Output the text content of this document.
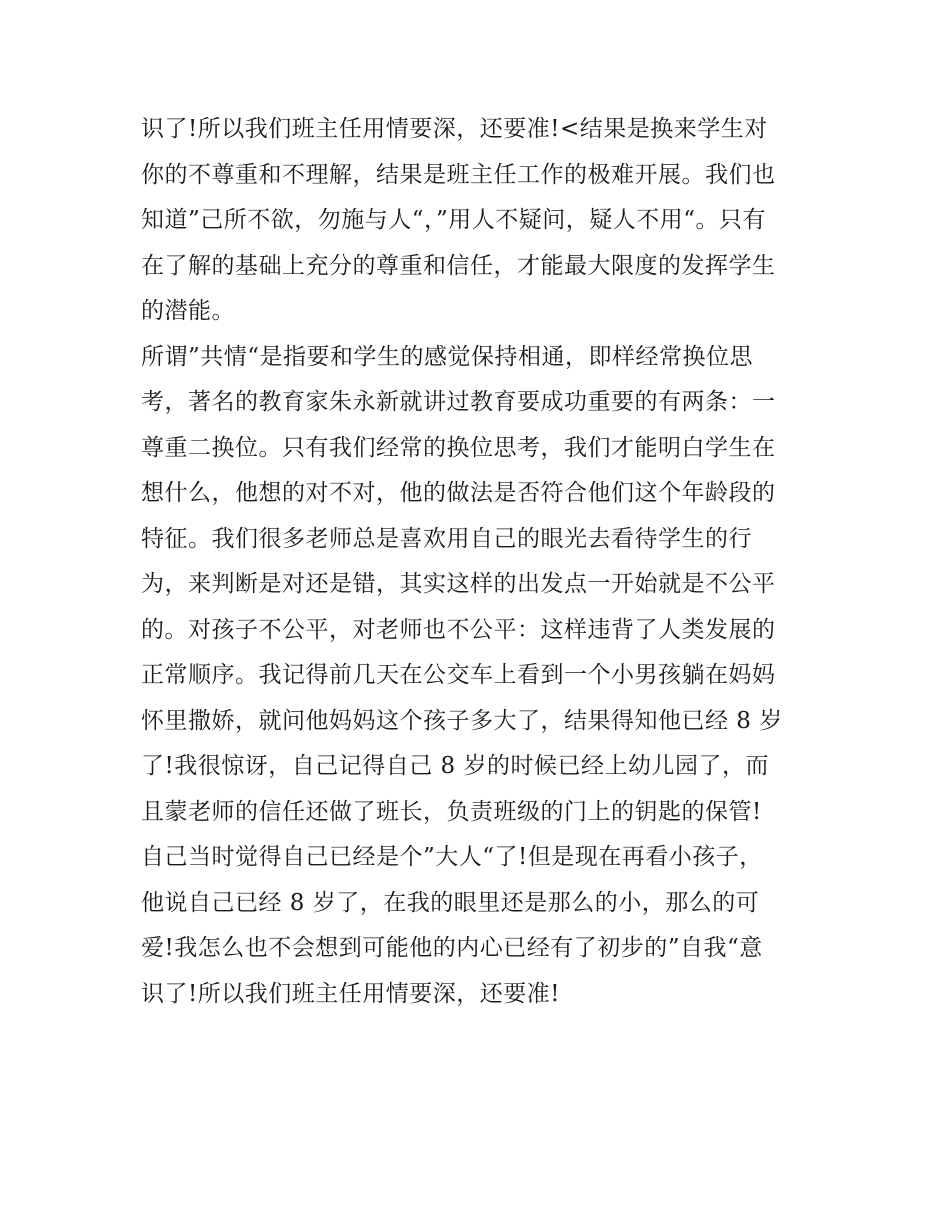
识了!所以我们班主任用情要深，还要准!<结果是换来学生对
你的不尊重和不理解，结果是班主任工作的极难开展。我们也
知道”己所不欲，勿施与人“，”用人不疑问，疑人不用“。只有
在了解的基础上充分的尊重和信任，才能最大限度的发挥学生
的潜能。
所谓”共情“是指要和学生的感觉保持相通，即样经常换位思
考，著名的教育家朱永新就讲过教育要成功重要的有两条：一
尊重二换位。只有我们经常的换位思考，我们才能明白学生在
想什么，他想的对不对，他的做法是否符合他们这个年龄段的
特征。我们很多老师总是喜欢用自己的眼光去看待学生的行
为，来判断是对还是错，其实这样的出发点一开始就是不公平
的。对孩子不公平，对老师也不公平：这样违背了人类发展的
正常顺序。我记得前几天在公交车上看到一个小男孩躺在妈妈
怀里撒娇，就问他妈妈这个孩子多大了，结果得知他已经 8 岁
了!我很惊讶，自己记得自己 8 岁的时候已经上幼儿园了，而
且蒙老师的信任还做了班长，负责班级的门上的钥匙的保管!
自己当时觉得自己已经是个”大人“了!但是现在再看小孩子，
他说自己已经 8 岁了，在我的眼里还是那么的小，那么的可
爱!我怎么也不会想到可能他的内心已经有了初步的”自我“意
识了!所以我们班主任用情要深，还要准!
